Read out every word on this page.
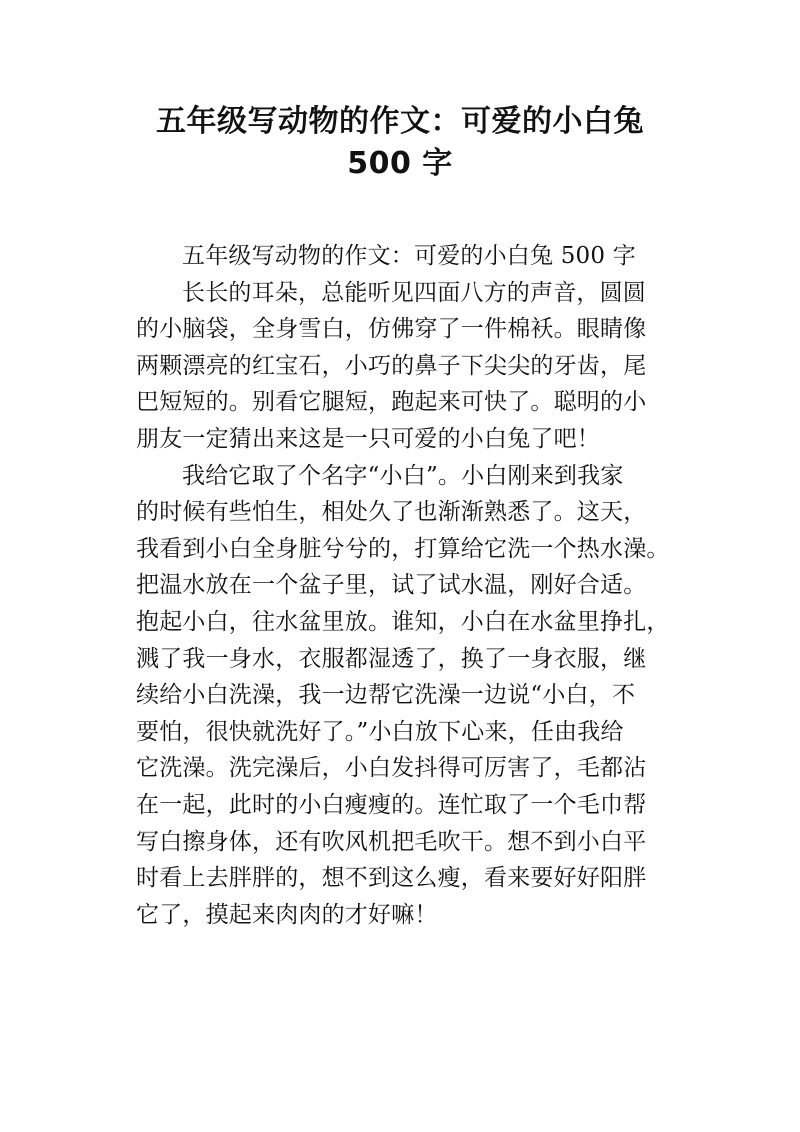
五年级写动物的作文：可爱的小白兔
500 字
五年级写动物的作文：可爱的小白兔 500 字
长长的耳朵，总能听见四面八方的声音，圆圆
的小脑袋，全身雪白，仿佛穿了一件棉袄。眼睛像
两颗漂亮的红宝石，小巧的鼻子下尖尖的牙齿，尾
巴短短的。别看它腿短，跑起来可快了。聪明的小
朋友一定猜出来这是一只可爱的小白兔了吧！
我给它取了个名字“小白”。小白刚来到我家
的时候有些怕生，相处久了也渐渐熟悉了。这天，
我看到小白全身脏兮兮的，打算给它洗一个热水澡。
把温水放在一个盆子里，试了试水温，刚好合适。
抱起小白，往水盆里放。谁知，小白在水盆里挣扎，
溅了我一身水，衣服都湿透了，换了一身衣服，继
续给小白洗澡，我一边帮它洗澡一边说“小白，不
要怕，很快就洗好了。”小白放下心来，任由我给
它洗澡。洗完澡后，小白发抖得可厉害了，毛都沾
在一起，此时的小白瘦瘦的。连忙取了一个毛巾帮
写白擦身体，还有吹风机把毛吹干。想不到小白平
时看上去胖胖的，想不到这么瘦，看来要好好阳胖
它了，摸起来肉肉的才好嘛！
